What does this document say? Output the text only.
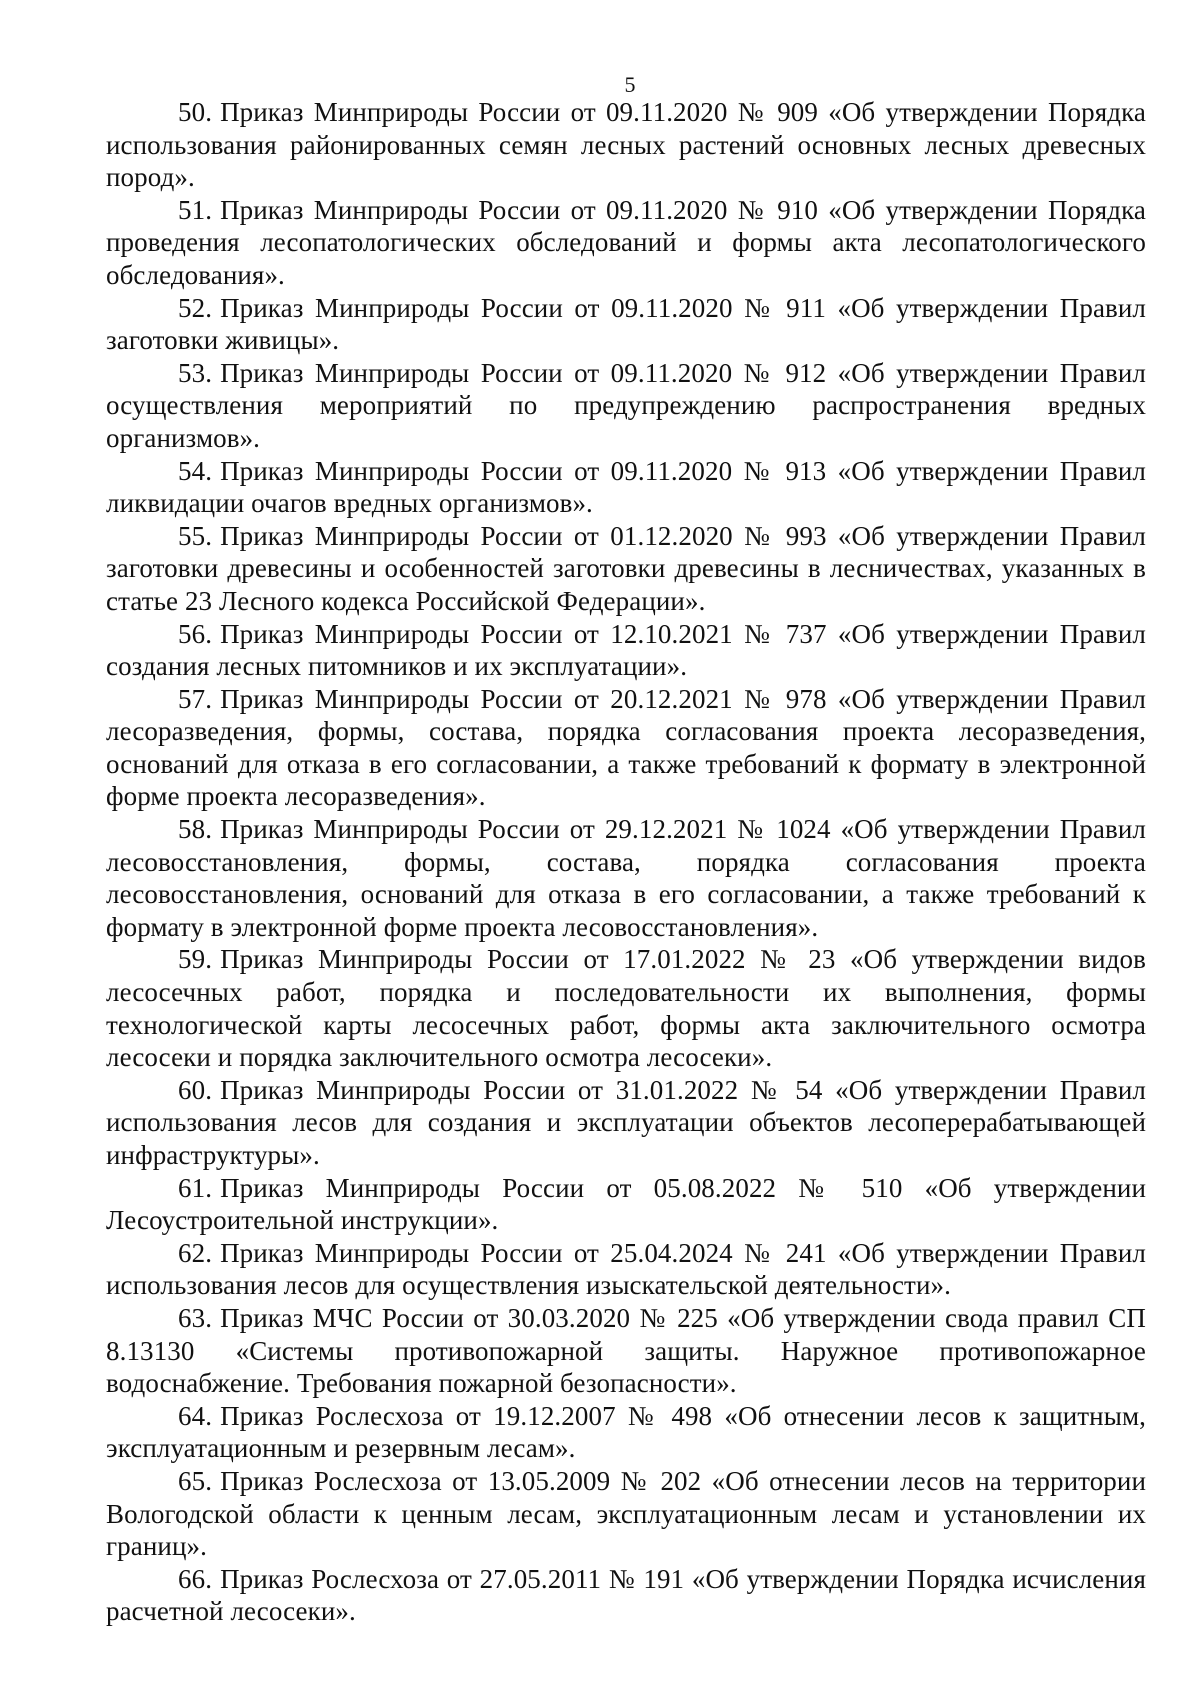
5

50. Приказ Минприроды России от 09.11.2020 № 909 «Об утверждении Порядка использования районированных семян лесных растений основных лесных древесных пород».

51. Приказ Минприроды России от 09.11.2020 № 910 «Об утверждении Порядка проведения лесопатологических обследований и формы акта лесопатологического обследования».

52. Приказ Минприроды России от 09.11.2020 № 911 «Об утверждении Правил заготовки живицы».

53. Приказ Минприроды России от 09.11.2020 № 912 «Об утверждении Правил осуществления мероприятий по предупреждению распространения вредных организмов».

54. Приказ Минприроды России от 09.11.2020 № 913 «Об утверждении Правил ликвидации очагов вредных организмов».

55. Приказ Минприроды России от 01.12.2020 № 993 «Об утверждении Правил заготовки древесины и особенностей заготовки древесины в лесничествах, указанных в статье 23 Лесного кодекса Российской Федерации».

56. Приказ Минприроды России от 12.10.2021 № 737 «Об утверждении Правил создания лесных питомников и их эксплуатации».

57. Приказ Минприроды России от 20.12.2021 № 978 «Об утверждении Правил лесоразведения, формы, состава, порядка согласования проекта лесоразведения, оснований для отказа в его согласовании, а также требований к формату в электронной форме проекта лесоразведения».

58. Приказ Минприроды России от 29.12.2021 № 1024 «Об утверждении Правил лесовосстановления, формы, состава, порядка согласования проекта лесовосстановления, оснований для отказа в его согласовании, а также требований к формату в электронной форме проекта лесовосстановления».

59. Приказ Минприроды России от 17.01.2022 № 23 «Об утверждении видов лесосечных работ, порядка и последовательности их выполнения, формы технологической карты лесосечных работ, формы акта заключительного осмотра лесосеки и порядка заключительного осмотра лесосеки».

60. Приказ Минприроды России от 31.01.2022 № 54 «Об утверждении Правил использования лесов для создания и эксплуатации объектов лесоперерабатывающей инфраструктуры».

61. Приказ Минприроды России от 05.08.2022 № 510 «Об утверждении Лесоустроительной инструкции».

62. Приказ Минприроды России от 25.04.2024 № 241 «Об утверждении Правил использования лесов для осуществления изыскательской деятельности».

63. Приказ МЧС России от 30.03.2020 № 225 «Об утверждении свода правил СП 8.13130 «Системы противопожарной защиты. Наружное противопожарное водоснабжение. Требования пожарной безопасности».

64. Приказ Рослесхоза от 19.12.2007 № 498 «Об отнесении лесов к защитным, эксплуатационным и резервным лесам».

65. Приказ Рослесхоза от 13.05.2009 № 202 «Об отнесении лесов на территории Вологодской области к ценным лесам, эксплуатационным лесам и установлении их границ».

66. Приказ Рослесхоза от 27.05.2011 № 191 «Об утверждении Порядка исчисления расчетной лесосеки».
